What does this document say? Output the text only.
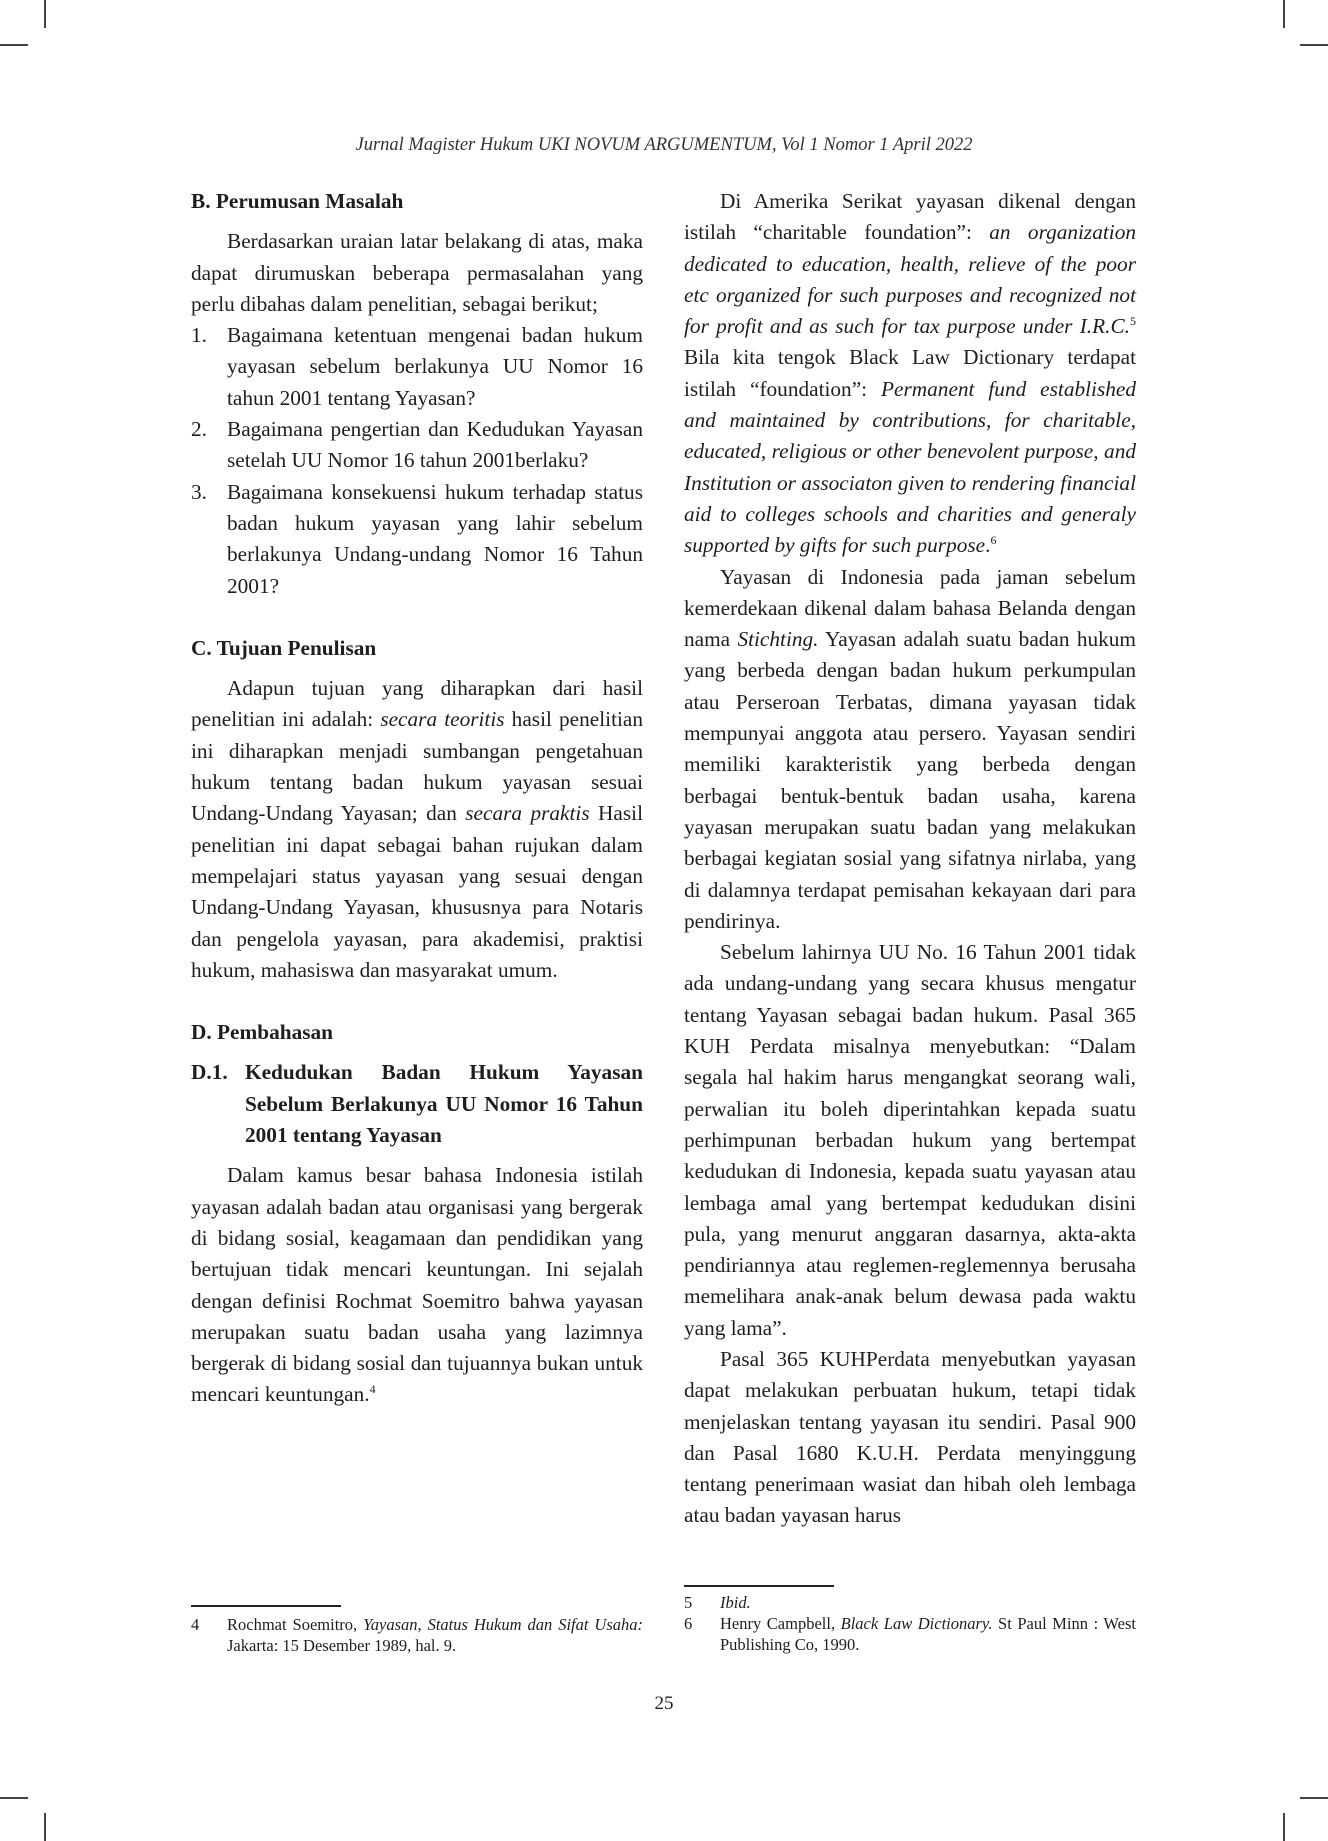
Jurnal Magister Hukum UKI NOVUM ARGUMENTUM, Vol 1 Nomor 1 April 2022
B. Perumusan Masalah

Berdasarkan uraian latar belakang di atas, maka dapat dirumuskan beberapa permasalahan yang perlu dibahas dalam penelitian, sebagai berikut;

1. Bagaimana ketentuan mengenai badan hukum yayasan sebelum berlakunya UU Nomor 16 tahun 2001 tentang Yayasan?
2. Bagaimana pengertian dan Kedudukan Yayasan setelah UU Nomor 16 tahun 2001berlaku?
3. Bagaimana konsekuensi hukum terhadap status badan hukum yayasan yang lahir sebelum berlakunya Undang-undang Nomor 16 Tahun 2001?
C. Tujuan Penulisan

Adapun tujuan yang diharapkan dari hasil penelitian ini adalah: secara teoritis hasil penelitian ini diharapkan menjadi sumbangan pengetahuan hukum tentang badan hukum yayasan sesuai Undang-Undang Yayasan; dan secara praktis Hasil penelitian ini dapat sebagai bahan rujukan dalam mempelajari status yayasan yang sesuai dengan Undang-Undang Yayasan, khususnya para Notaris dan pengelola yayasan, para akademisi, praktisi hukum, mahasiswa dan masyarakat umum.

D. Pembahasan
D.1. Kedudukan Badan Hukum Yayasan Sebelum Berlakunya UU Nomor 16 Tahun 2001 tentang Yayasan

Dalam kamus besar bahasa Indonesia istilah yayasan adalah badan atau organisasi yang bergerak di bidang sosial, keagamaan dan pendidikan yang bertujuan tidak mencari keuntungan. Ini sejalah dengan definisi Rochmat Soemitro bahwa yayasan merupakan suatu badan usaha yang lazimnya bergerak di bidang sosial dan tujuannya bukan untuk mencari keuntungan.$^4$

Di Amerika Serikat yayasan dikenal dengan istilah “charitable foundation”: an organization dedicated to education, health, relieve of the poor etc organized for such purposes and recognized not for profit and as such for tax purpose under I.R.C.$^5$ Bila kita tengok Black Law Dictionary terdapat istilah “foundation”: Permanent fund established and maintained by contributions, for charitable, educated, religious or other benevolent purpose, and Institution or associaton given to rendering financial aid to colleges schools and charities and generaly supported by gifts for such purpose.$^6$

Yayasan di Indonesia pada jaman sebelum kemerdekaan dikenal dalam bahasa Belanda dengan nama Stichting. Yayasan adalah suatu badan hukum yang berbeda dengan badan hukum perkumpulan atau Perseroan Terbatas, dimana yayasan tidak mempunyai anggota atau persero. Yayasan sendiri memiliki karakteristik yang berbeda dengan berbagai bentuk-bentuk badan usaha, karena yayasan merupakan suatu badan yang melakukan berbagai kegiatan sosial yang sifatnya nirlaba, yang di dalamnya terdapat pemisahan kekayaan dari para pendirinya.

Sebelum lahirnya UU No. 16 Tahun 2001 tidak ada undang-undang yang secara khusus mengatur tentang Yayasan sebagai badan hukum. Pasal 365 KUH Perdata misalnya menyebutkan: “Dalam segala hal hakim harus mengangkat seorang wali, perwalian itu boleh diperintahkan kepada suatu perhimpunan berbadan hukum yang bertempat kedudukan di Indonesia, kepada suatu yayasan atau lembaga amal yang bertempat kedudukan disini pula, yang menurut anggaran dasarnya, akta-akta pendiriannya atau reglemen-reglemennya berusaha memelihara anak-anak belum dewasa pada waktu yang lama”.

Pasal 365 KUHPerdata menyebutkan yayasan dapat melakukan perbuatan hukum, tetapi tidak menjelaskan tentang yayasan itu sendiri. Pasal 900 dan Pasal 1680 K.U.H. Perdata menyinggung tentang penerimaan wasiat dan hibah oleh lembaga atau badan yayasan harus

4 Rochmat Soemitro, Yayasan, Status Hukum dan Sifat Usaha: Jakarta: 15 Desember 1989, hal. 9.
5 Ibid.
6 Henry Campbell, Black Law Dictionary. St Paul Minn : West Publishing Co, 1990.
25
